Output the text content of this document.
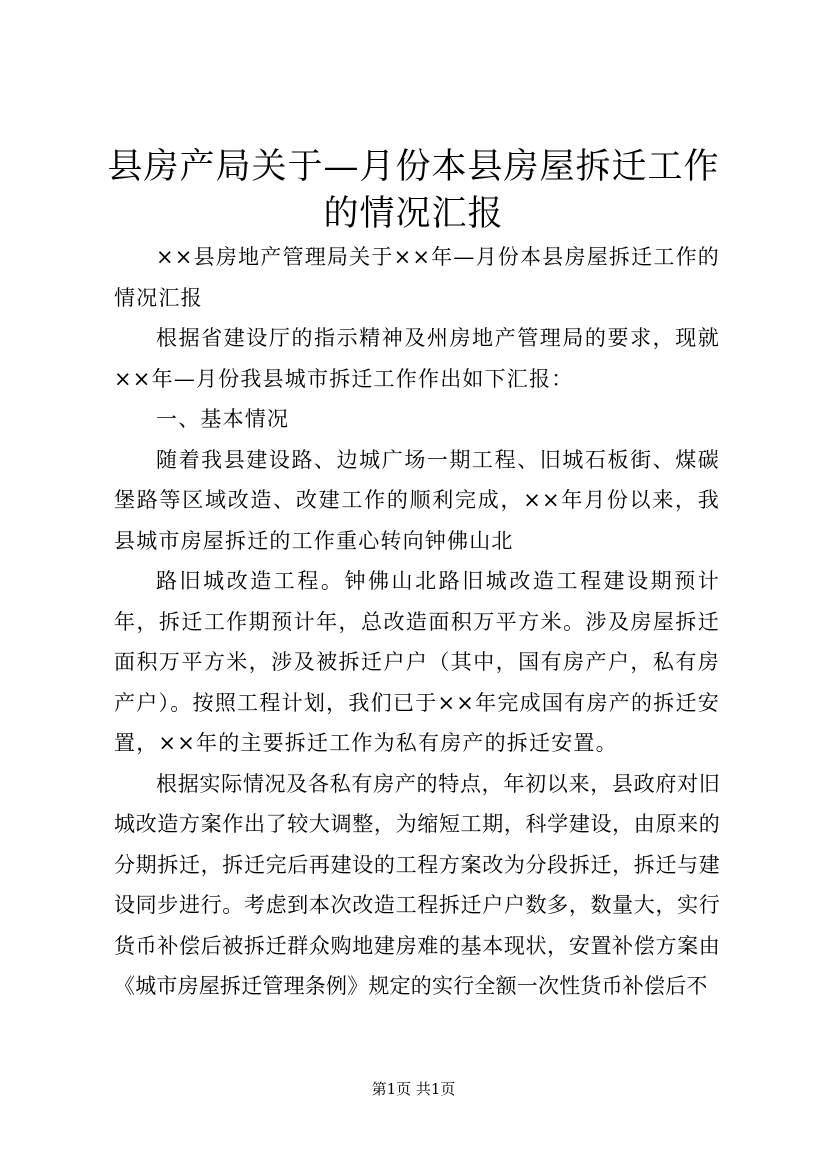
县房产局关于—月份本县房屋拆迁工作的情况汇报

××县房地产管理局关于××年—月份本县房屋拆迁工作的情况汇报

根据省建设厅的指示精神及州房地产管理局的要求，现就××年—月份我县城市拆迁工作作出如下汇报：

一、基本情况

随着我县建设路、边城广场一期工程、旧城石板街、煤碳堡路等区域改造、改建工作的顺利完成，××年月份以来，我县城市房屋拆迁的工作重心转向钟佛山北

路旧城改造工程。钟佛山北路旧城改造工程建设期预计年，拆迁工作期预计年，总改造面积万平方米。涉及房屋拆迁面积万平方米，涉及被拆迁户户（其中，国有房产户，私有房产户）。按照工程计划，我们已于××年完成国有房产的拆迁安置，××年的主要拆迁工作为私有房产的拆迁安置。

根据实际情况及各私有房产的特点，年初以来，县政府对旧城改造方案作出了较大调整，为缩短工期，科学建设，由原来的分期拆迁，拆迁完后再建设的工程方案改为分段拆迁，拆迁与建设同步进行。考虑到本次改造工程拆迁户户数多，数量大，实行货币补偿后被拆迁群众购地建房难的基本现状，安置补偿方案由《城市房屋拆迁管理条例》规定的实行全额一次性货币补偿后不

第1页 共1页
